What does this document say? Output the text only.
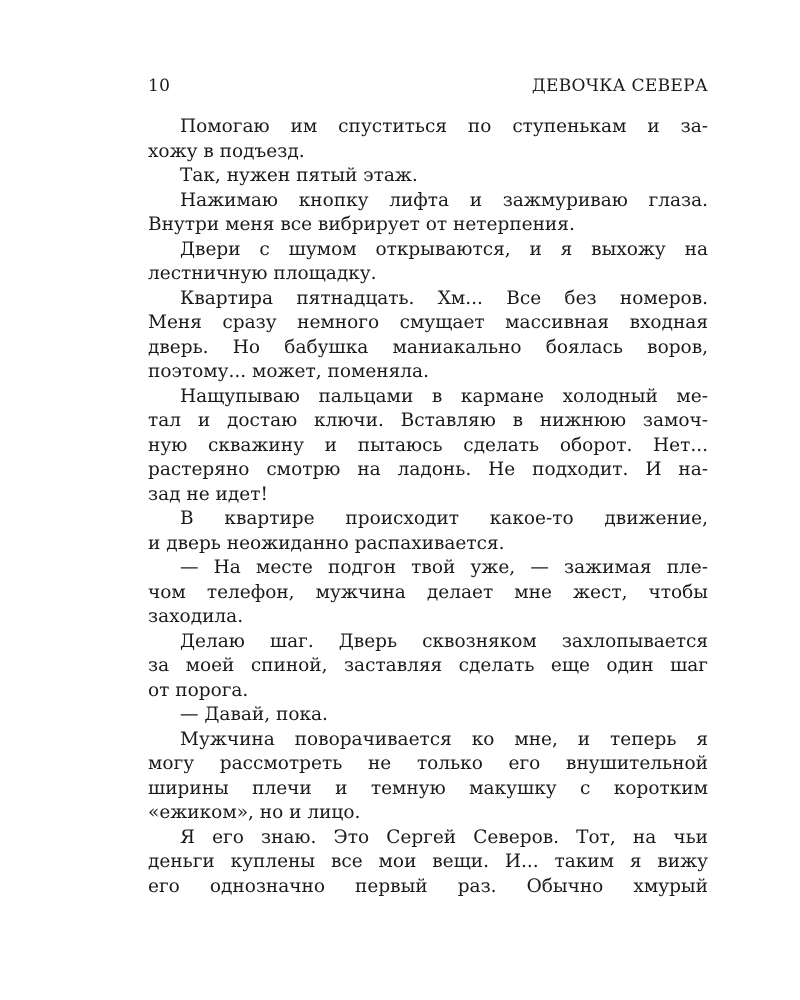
10	ДЕВОЧКА СЕВЕРА
Помогаю им спуститься по ступенькам и за-
хожу в подъезд.
Так, нужен пятый этаж.
Нажимаю кнопку лифта и зажмуриваю глаза.
Внутри меня все вибрирует от нетерпения.
Двери с шумом открываются, и я выхожу на
лестничную площадку.
Квартира пятнадцать. Хм... Все без номеров.
Меня сразу немного смущает массивная входная
дверь. Но бабушка маниакально боялась воров,
поэтому... может, поменяла.
Нащупываю пальцами в кармане холодный ме-
тал и достаю ключи. Вставляю в нижнюю замоч-
ную скважину и пытаюсь сделать оборот. Нет...
растеряно смотрю на ладонь. Не подходит. И на-
зад не идет!
В квартире происходит какое-то движение,
и дверь неожиданно распахивается.
— На месте подгон твой уже, — зажимая пле-
чом телефон, мужчина делает мне жест, чтобы
заходила.
Делаю шаг. Дверь сквозняком захлопывается
за моей спиной, заставляя сделать еще один шаг
от порога.
— Давай, пока.
Мужчина поворачивается ко мне, и теперь я
могу рассмотреть не только его внушительной
ширины плечи и темную макушку с коротким
«ежиком», но и лицо.
Я его знаю. Это Сергей Северов. Тот, на чьи
деньги куплены все мои вещи. И... таким я вижу
его однозначно первый раз. Обычно хмурый
